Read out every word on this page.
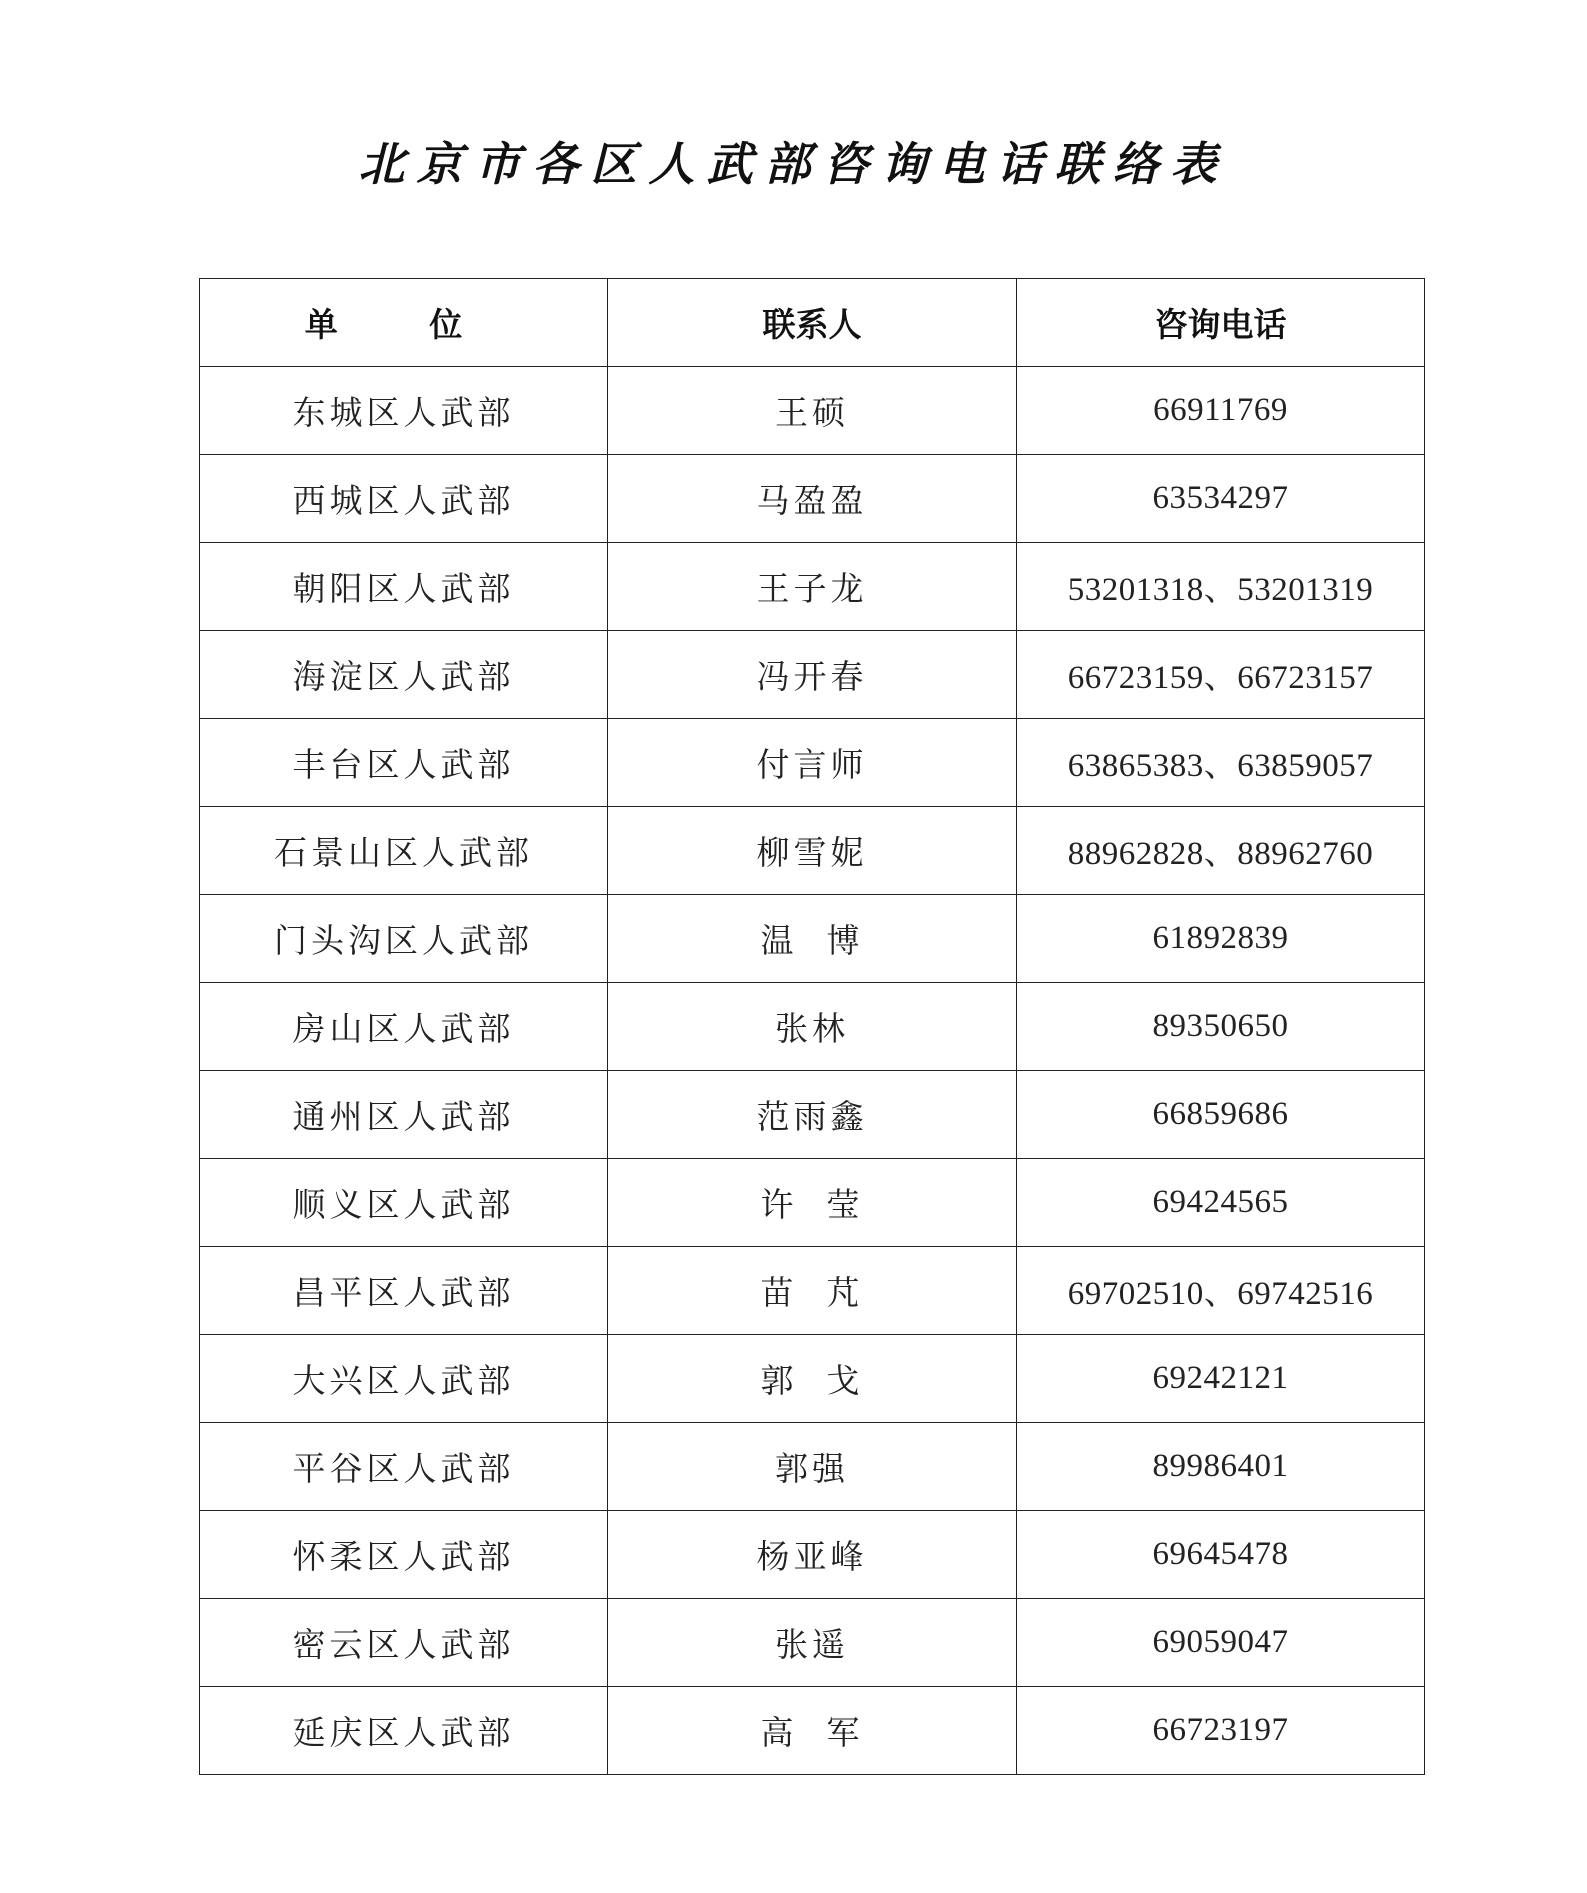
北京市各区人武部咨询电话联络表
单 位	联系人	咨询电话
东城区人武部	王硕	66911769
西城区人武部	马盈盈	63534297
朝阳区人武部	王子龙	53201318、53201319
海淀区人武部	冯开春	66723159、66723157
丰台区人武部	付言师	63865383、63859057
石景山区人武部	柳雪妮	88962828、88962760
门头沟区人武部	温  博	61892839
房山区人武部	张林	89350650
通州区人武部	范雨鑫	66859686
顺义区人武部	许  莹	69424565
昌平区人武部	苗  芃	69702510、69742516
大兴区人武部	郭  戈	69242121
平谷区人武部	郭强	89986401
怀柔区人武部	杨亚峰	69645478
密云区人武部	张遥	69059047
延庆区人武部	高  军	66723197
